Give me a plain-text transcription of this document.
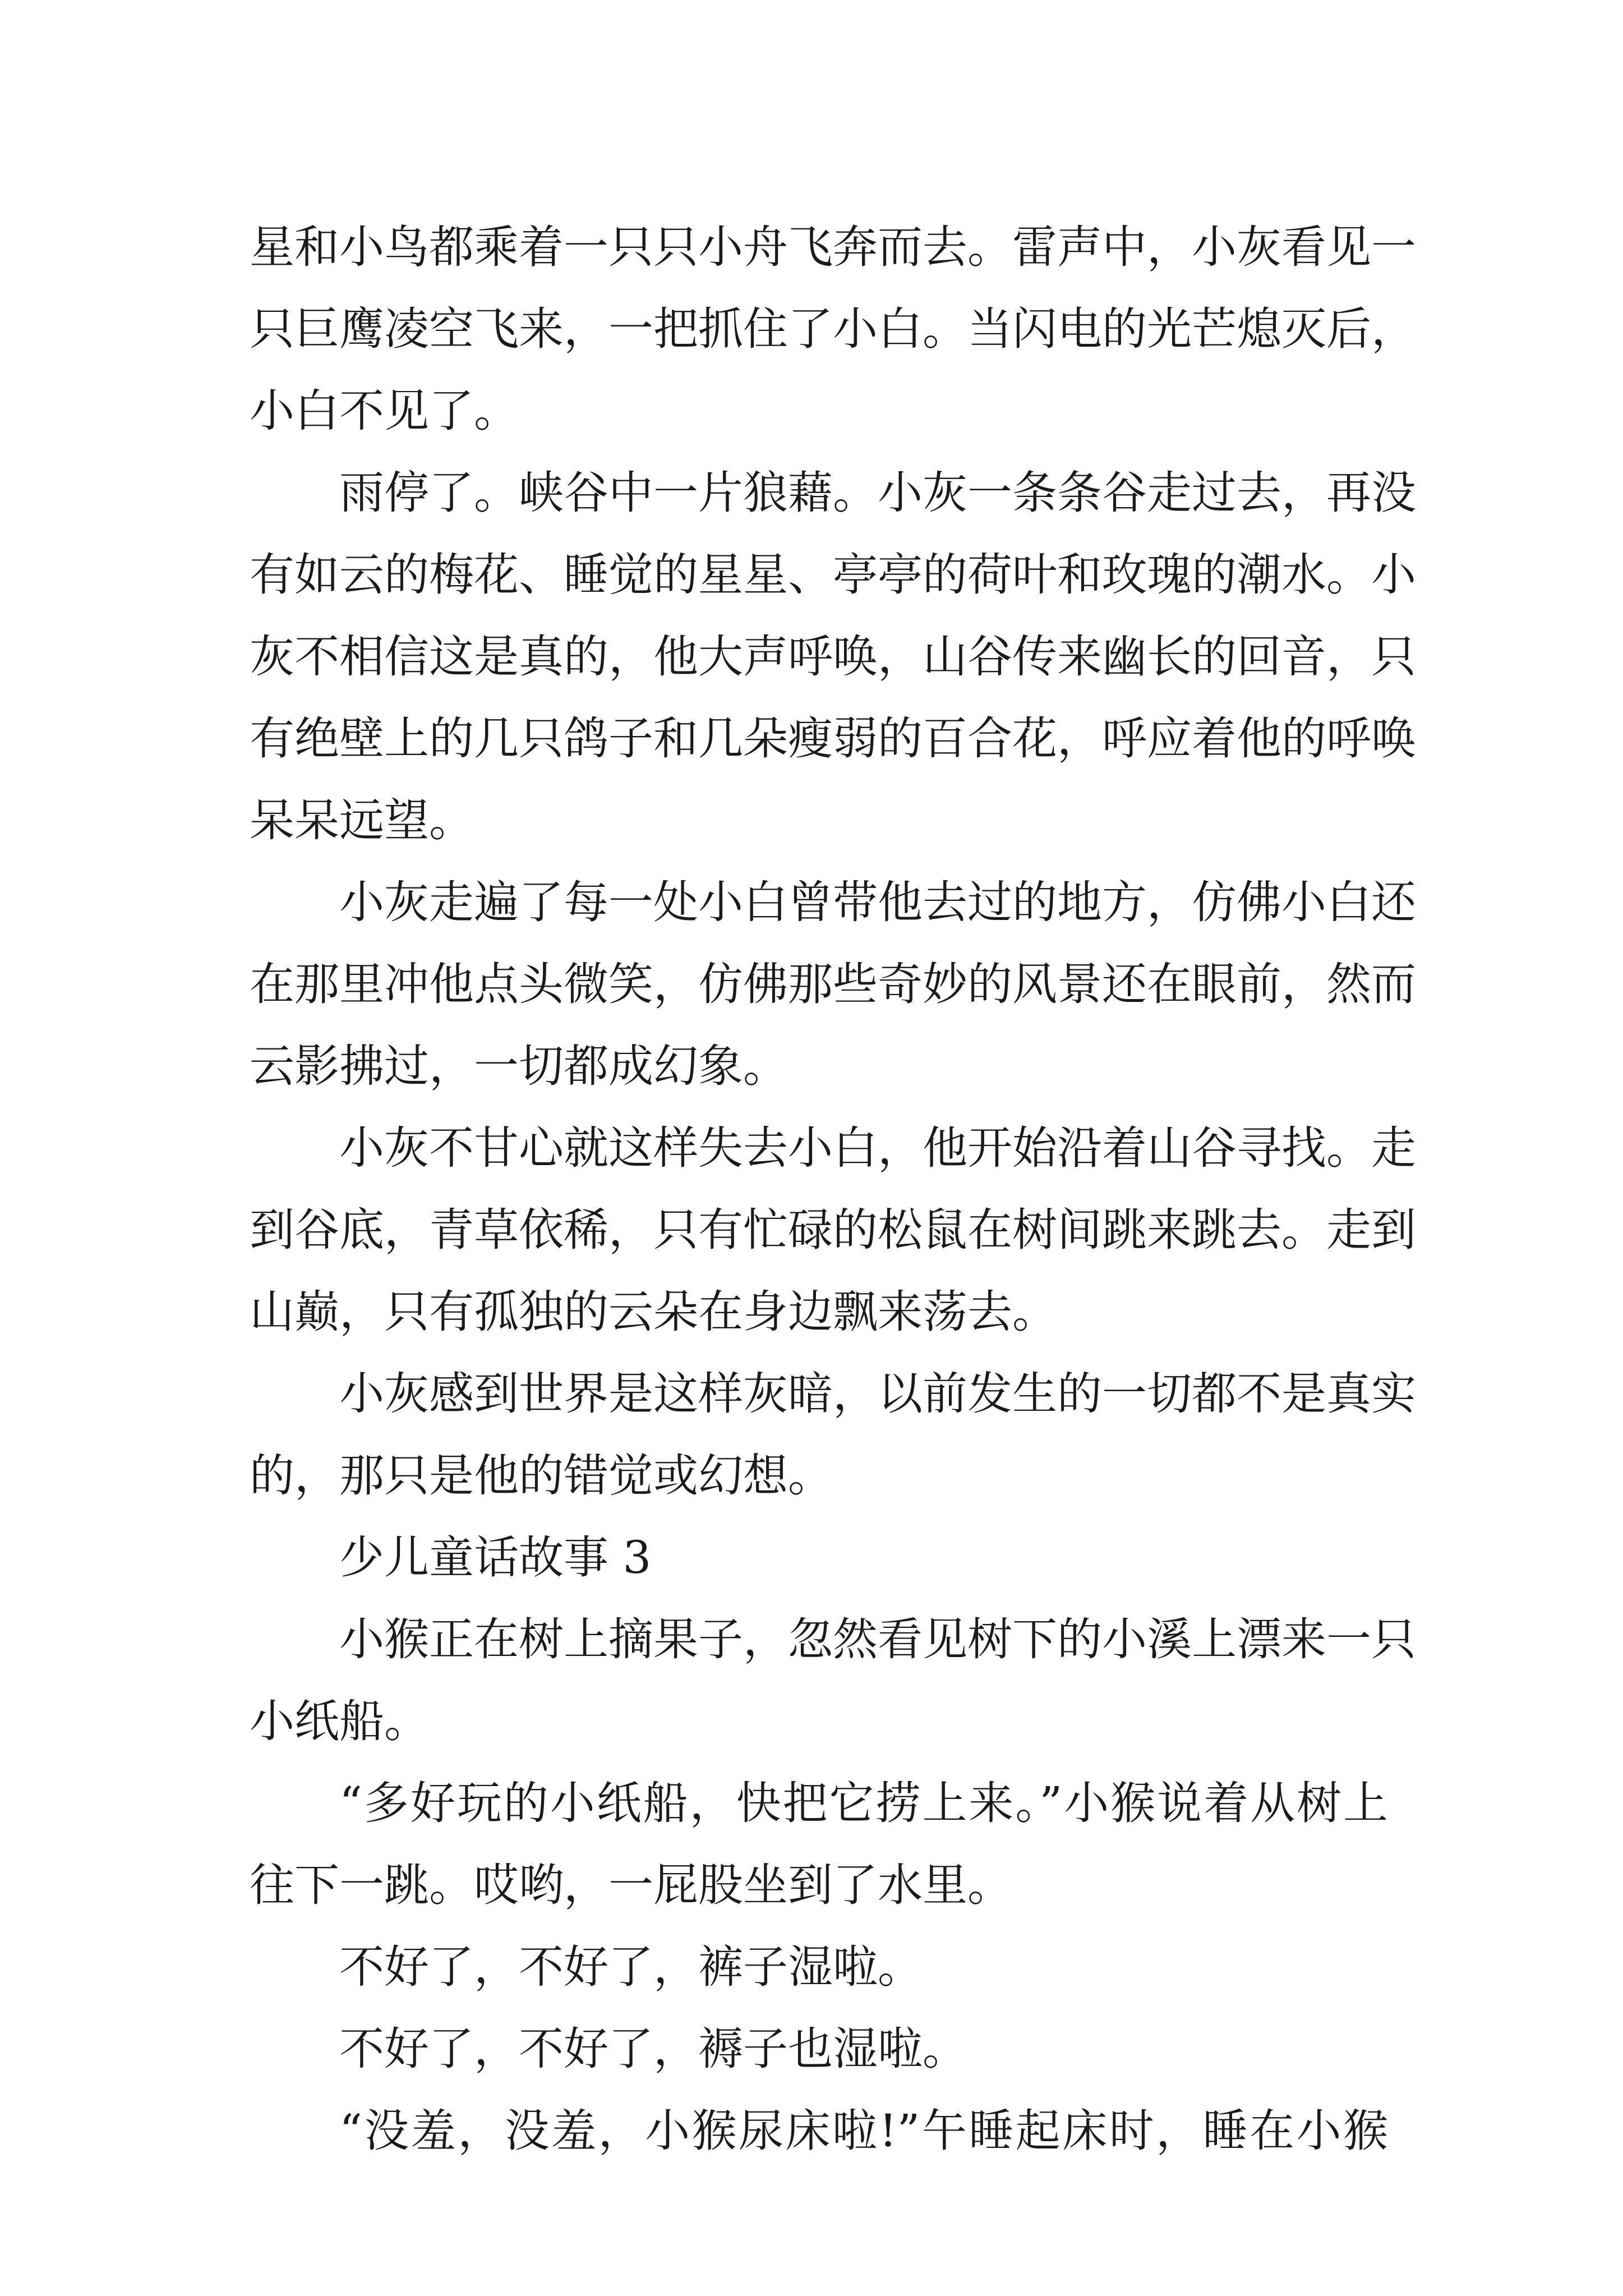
星和小鸟都乘着一只只小舟飞奔而去。雷声中，小灰看见一
只巨鹰凌空飞来，一把抓住了小白。当闪电的光芒熄灭后，
小白不见了。
雨停了。峡谷中一片狼藉。小灰一条条谷走过去，再没
有如云的梅花、睡觉的星星、亭亭的荷叶和玫瑰的潮水。小
灰不相信这是真的，他大声呼唤，山谷传来幽长的回音，只
有绝壁上的几只鸽子和几朵瘦弱的百合花，呼应着他的呼唤
呆呆远望。
小灰走遍了每一处小白曾带他去过的地方，仿佛小白还
在那里冲他点头微笑，仿佛那些奇妙的风景还在眼前，然而
云影拂过，一切都成幻象。
小灰不甘心就这样失去小白，他开始沿着山谷寻找。走
到谷底，青草依稀，只有忙碌的松鼠在树间跳来跳去。走到
山巅，只有孤独的云朵在身边飘来荡去。
小灰感到世界是这样灰暗，以前发生的一切都不是真实
的，那只是他的错觉或幻想。
少儿童话故事 3
小猴正在树上摘果子，忽然看见树下的小溪上漂来一只
小纸船。
“多好玩的小纸船，快把它捞上来。”小猴说着从树上
往下一跳。哎哟，一屁股坐到了水里。
不好了，不好了，裤子湿啦。
不好了，不好了，褥子也湿啦。
“没羞，没羞，小猴尿床啦!”午睡起床时，睡在小猴
